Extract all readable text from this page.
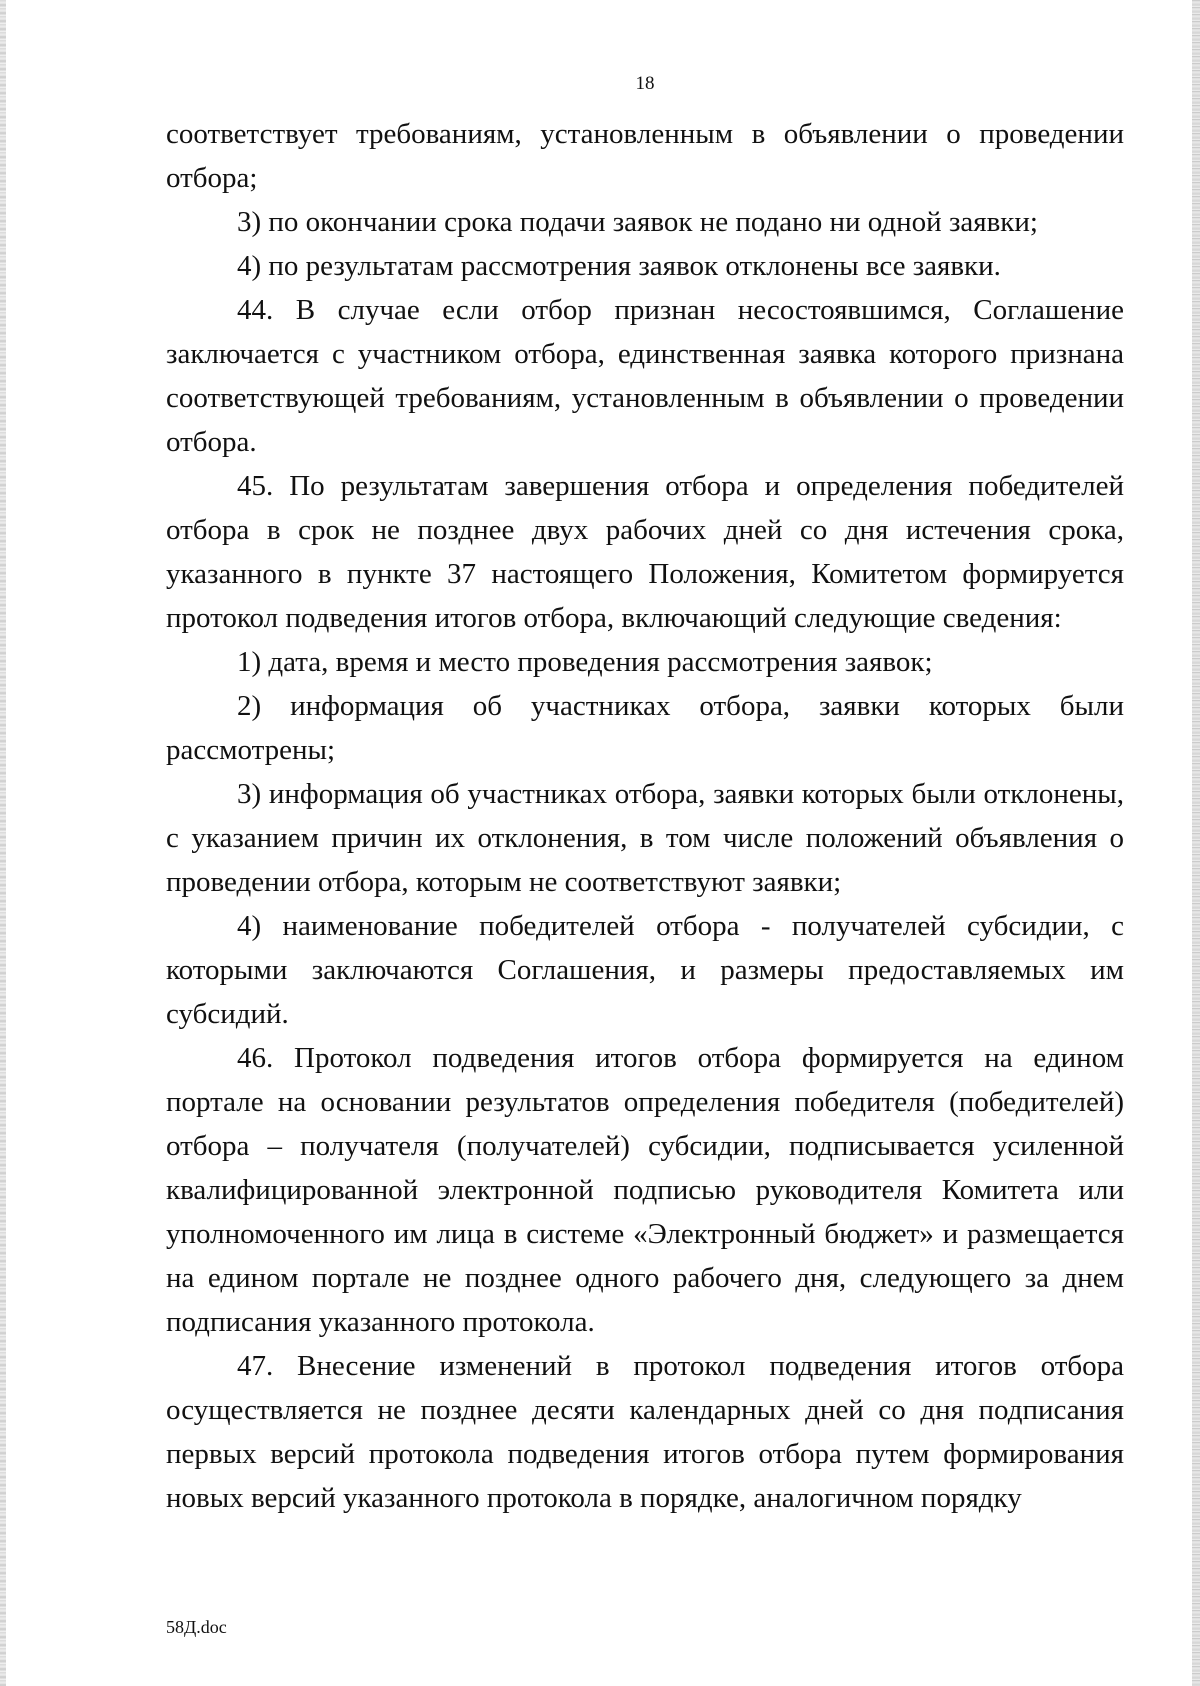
18

соответствует требованиям, установленным в объявлении о проведении отбора;

3) по окончании срока подачи заявок не подано ни одной заявки;

4) по результатам рассмотрения заявок отклонены все заявки.

44. В случае если отбор признан несостоявшимся, Соглашение заключается с участником отбора, единственная заявка которого признана соответствующей требованиям, установленным в объявлении о проведении отбора.

45. По результатам завершения отбора и определения победителей отбора в срок не позднее двух рабочих дней со дня истечения срока, указанного в пункте 37 настоящего Положения, Комитетом формируется протокол подведения итогов отбора, включающий следующие сведения:

1) дата, время и место проведения рассмотрения заявок;

2) информация об участниках отбора, заявки которых были рассмотрены;

3) информация об участниках отбора, заявки которых были отклонены, с указанием причин их отклонения, в том числе положений объявления о проведении отбора, которым не соответствуют заявки;

4) наименование победителей отбора - получателей субсидии, с которыми заключаются Соглашения, и размеры предоставляемых им субсидий.

46. Протокол подведения итогов отбора формируется на едином портале на основании результатов определения победителя (победителей) отбора – получателя (получателей) субсидии, подписывается усиленной квалифицированной электронной подписью руководителя Комитета или уполномоченного им лица в системе «Электронный бюджет» и размещается на едином портале не позднее одного рабочего дня, следующего за днем подписания указанного протокола.

47. Внесение изменений в протокол подведения итогов отбора осуществляется не позднее десяти календарных дней со дня подписания первых версий протокола подведения итогов отбора путем формирования новых версий указанного протокола в порядке, аналогичном порядку

58Д.doc
